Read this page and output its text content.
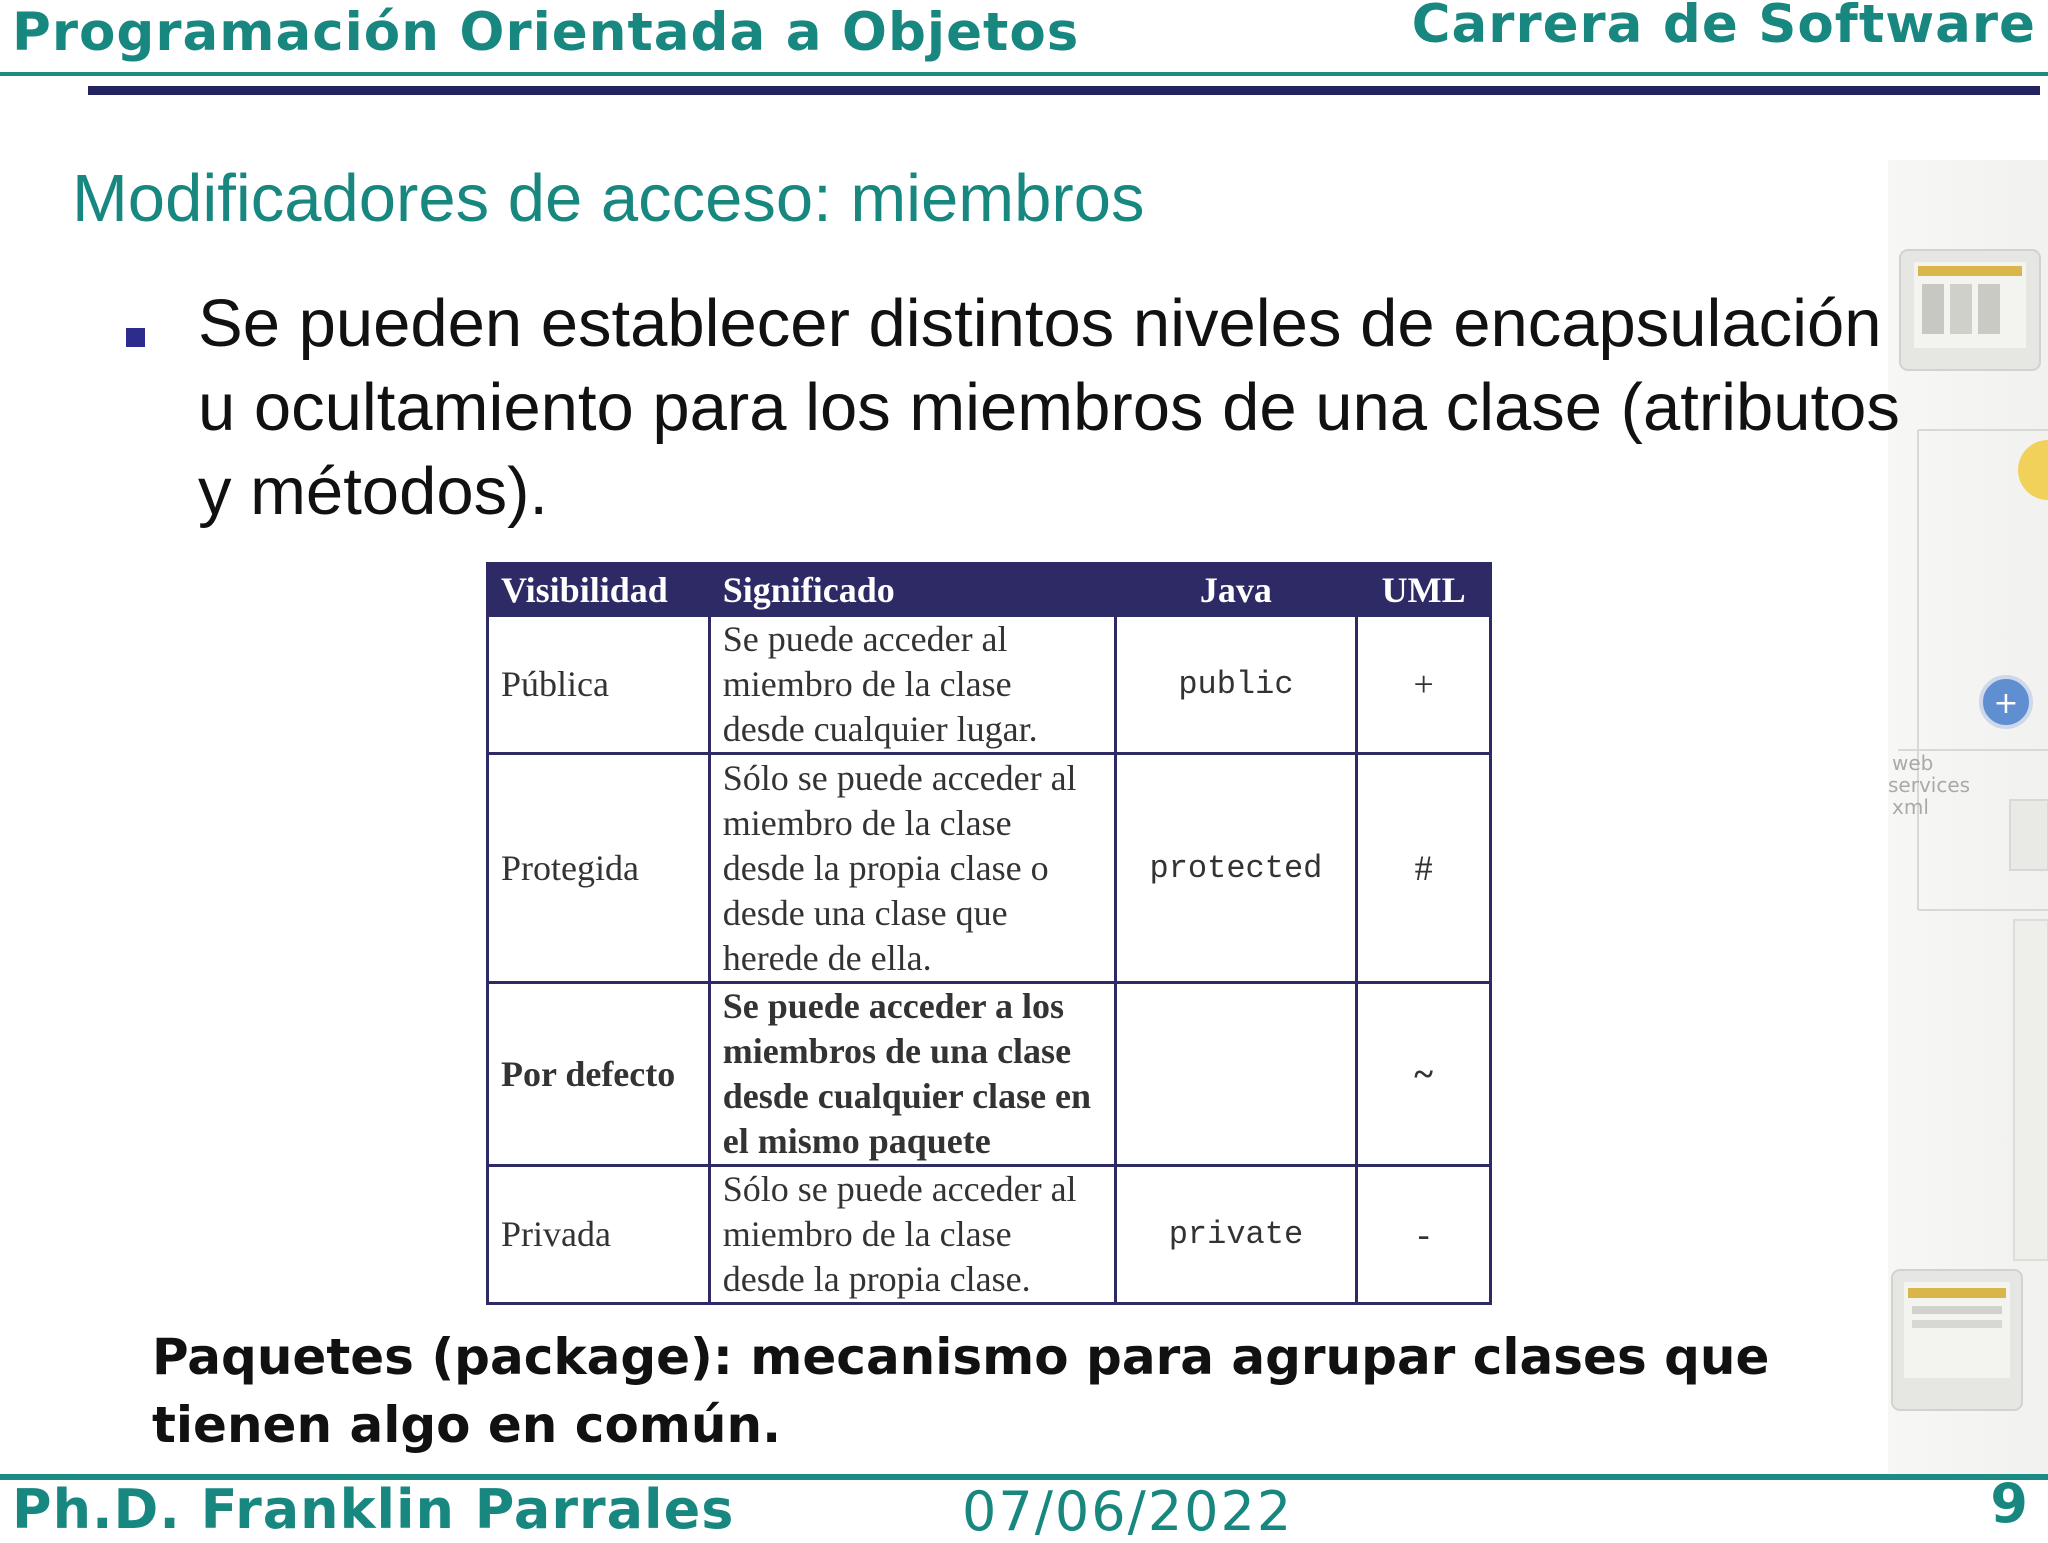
Programación Orientada a Objetos	Carrera de Software
+
web
services
xml
Modificadores de acceso: miembros
Se pueden establecer distintos niveles de encapsulación u ocultamiento para los miembros de una clase (atributos y métodos).
Visibilidad	Significado	Java	UML
Pública	Se puede acceder al miembro de la clase desde cualquier lugar.	public	+
Protegida	Sólo se puede acceder al miembro de la clase desde la propia clase o desde una clase que herede de ella.	protected	#
Por defecto	Se puede acceder a los miembros de una clase desde cualquier clase en el mismo paquete		~
Privada	Sólo se puede acceder al miembro de la clase desde la propia clase.	private	-
Paquetes (package): mecanismo para agrupar clases que tienen algo en común.
Ph.D. Franklin Parrales	07/06/2022	9
